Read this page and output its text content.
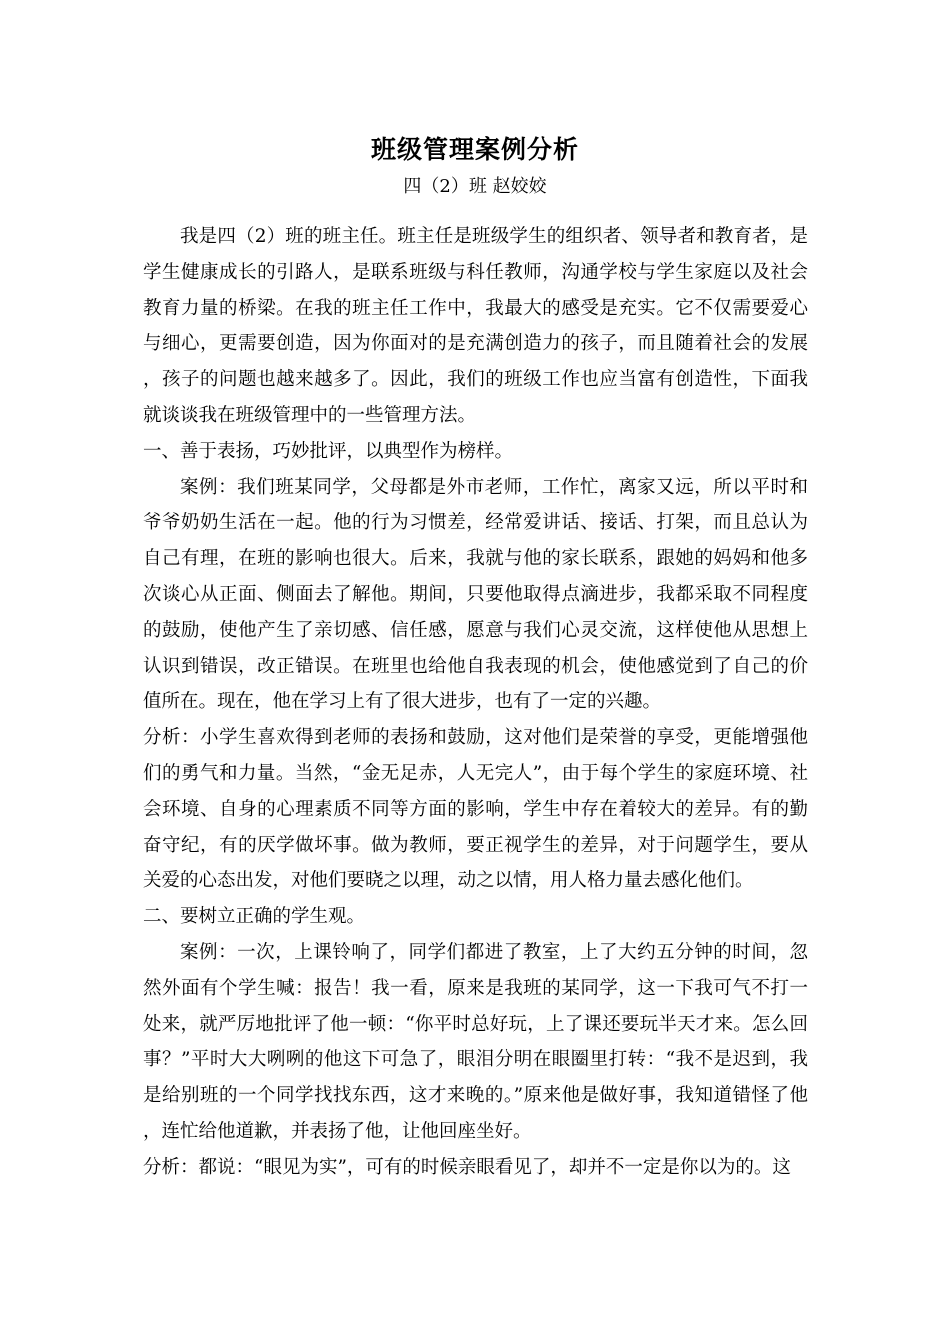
班级管理案例分析
四（2）班 赵姣姣

我是四（2）班的班主任。班主任是班级学生的组织者、领导者和教育者，是学生健康成长的引路人，是联系班级与科任教师，沟通学校与学生家庭以及社会教育力量的桥梁。在我的班主任工作中，我最大的感受是充实。它不仅需要爱心与细心，更需要创造，因为你面对的是充满创造力的孩子，而且随着社会的发展，孩子的问题也越来越多了。因此，我们的班级工作也应当富有创造性，下面我就谈谈我在班级管理中的一些管理方法。

一、善于表扬，巧妙批评，以典型作为榜样。

案例：我们班某同学，父母都是外市老师，工作忙，离家又远，所以平时和爷爷奶奶生活在一起。他的行为习惯差，经常爱讲话、接话、打架，而且总认为自己有理，在班的影响也很大。后来，我就与他的家长联系，跟她的妈妈和他多次谈心从正面、侧面去了解他。期间，只要他取得点滴进步，我都采取不同程度的鼓励，使他产生了亲切感、信任感，愿意与我们心灵交流，这样使他从思想上认识到错误，改正错误。在班里也给他自我表现的机会，使他感觉到了自己的价值所在。现在，他在学习上有了很大进步，也有了一定的兴趣。

分析：小学生喜欢得到老师的表扬和鼓励，这对他们是荣誉的享受，更能增强他们的勇气和力量。当然，“金无足赤，人无完人”，由于每个学生的家庭环境、社会环境、自身的心理素质不同等方面的影响，学生中存在着较大的差异。有的勤奋守纪，有的厌学做坏事。做为教师，要正视学生的差异，对于问题学生，要从关爱的心态出发，对他们要晓之以理，动之以情，用人格力量去感化他们。

二、要树立正确的学生观。

案例：一次，上课铃响了，同学们都进了教室，上了大约五分钟的时间，忽然外面有个学生喊：报告！我一看，原来是我班的某同学，这一下我可气不打一处来，就严厉地批评了他一顿：“你平时总好玩，上了课还要玩半天才来。怎么回事？”平时大大咧咧的他这下可急了，眼泪分明在眼圈里打转：“我不是迟到，我是给别班的一个同学找找东西，这才来晚的。”原来他是做好事，我知道错怪了他，连忙给他道歉，并表扬了他，让他回座坐好。

分析：都说：“眼见为实”，可有的时候亲眼看见了，却并不一定是你以为的。这
